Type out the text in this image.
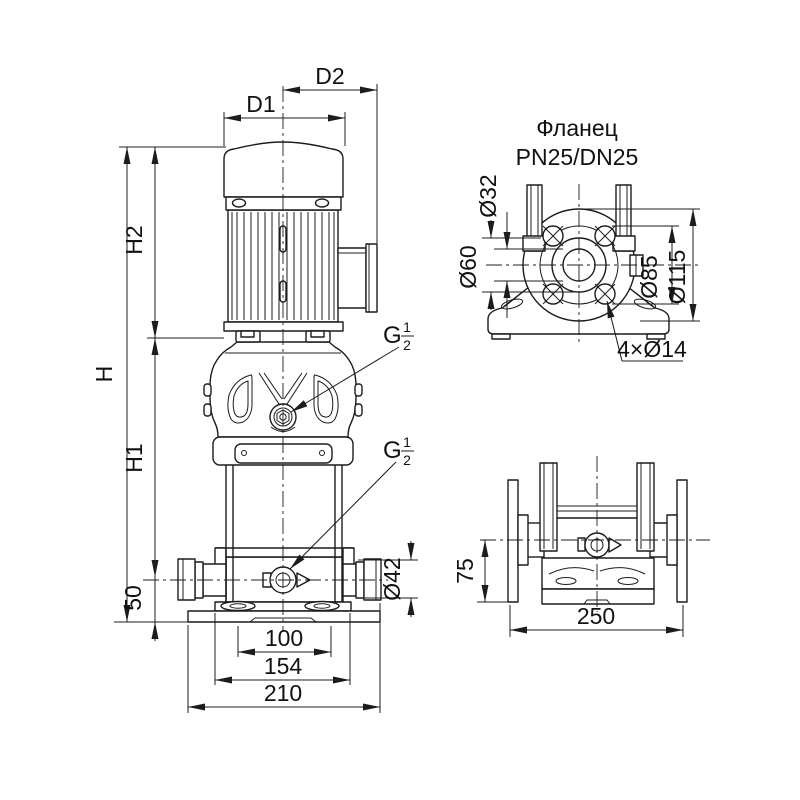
D2
D1
H
H2
H1
50	Ø42
100
154
210
G 1
2
G 1
2
Фланец
PN25/DN25
Ø32
Ø60	Ø85 Ø115
4×Ø14
75
250
